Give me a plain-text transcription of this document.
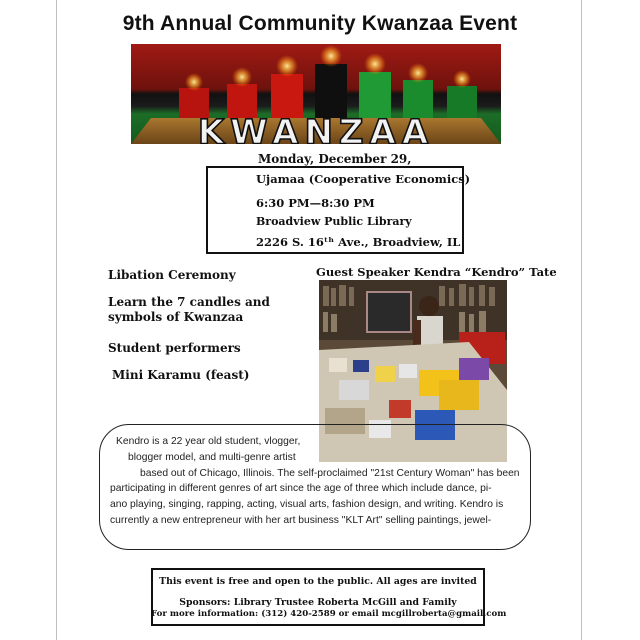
9th Annual Community Kwanzaa Event
KWANZAA
Monday, December 29,
Ujamaa (Cooperative Economics)
6:30 PM—8:30 PM
Broadview Public Library
2226 S. 16ᵗʰ Ave., Broadview, IL
Libation Ceremony
Learn the 7 candles and
symbols of Kwanzaa
Student performers
Mini Karamu (feast)
Guest Speaker Kendra “Kendro” Tate
Kendro is a 22 year old student, vlogger,
blogger model, and multi-genre artist
based out of Chicago, Illinois. The self-proclaimed "21st Century Woman" has been
participating in different genres of art since the age of three which include dance, pi-
ano playing, singing, rapping, acting, visual arts, fashion design, and writing. Kendro is
currently a new entrepreneur with her art business "KLT Art" selling paintings, jewel-
This event is free and open to the public. All ages are invited
Sponsors: Library Trustee Roberta McGill and Family
For more information: (312) 420-2589 or email mcgillroberta@gmail.com
